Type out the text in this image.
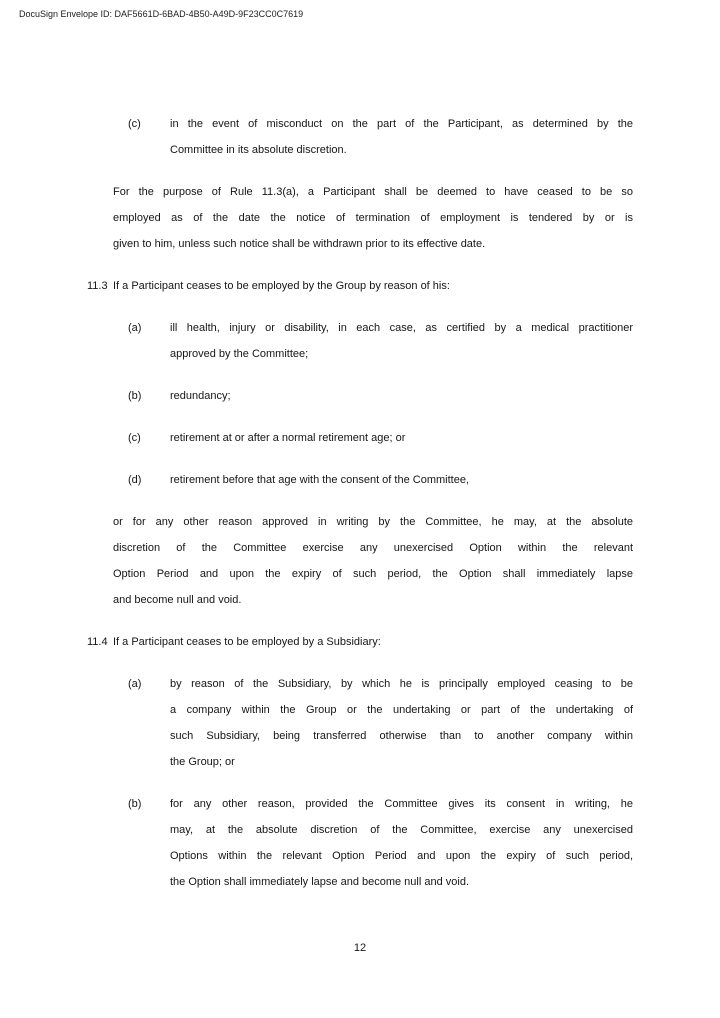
DocuSign Envelope ID: DAF5661D-6BAD-4B50-A49D-9F23CC0C7619
(c)	in the event of misconduct on the part of the Participant, as determined by the
Committee in its absolute discretion.
For the purpose of Rule 11.3(a), a Participant shall be deemed to have ceased to be so
employed as of the date the notice of termination of employment is tendered by or is
given to him, unless such notice shall be withdrawn prior to its effective date.
11.3 If a Participant ceases to be employed by the Group by reason of his:
(a)	ill health, injury or disability, in each case, as certified by a medical practitioner
approved by the Committee;
(b)	redundancy;
(c)	retirement at or after a normal retirement age; or
(d)	retirement before that age with the consent of the Committee,
or for any other reason approved in writing by the Committee, he may, at the absolute
discretion of the Committee exercise any unexercised Option within the relevant
Option Period and upon the expiry of such period, the Option shall immediately lapse
and become null and void.
11.4 If a Participant ceases to be employed by a Subsidiary:
(a)	by reason of the Subsidiary, by which he is principally employed ceasing to be
a company within the Group or the undertaking or part of the undertaking of
such Subsidiary, being transferred otherwise than to another company within
the Group; or
(b)	for any other reason, provided the Committee gives its consent in writing, he
may, at the absolute discretion of the Committee, exercise any unexercised
Options within the relevant Option Period and upon the expiry of such period,
the Option shall immediately lapse and become null and void.
12
